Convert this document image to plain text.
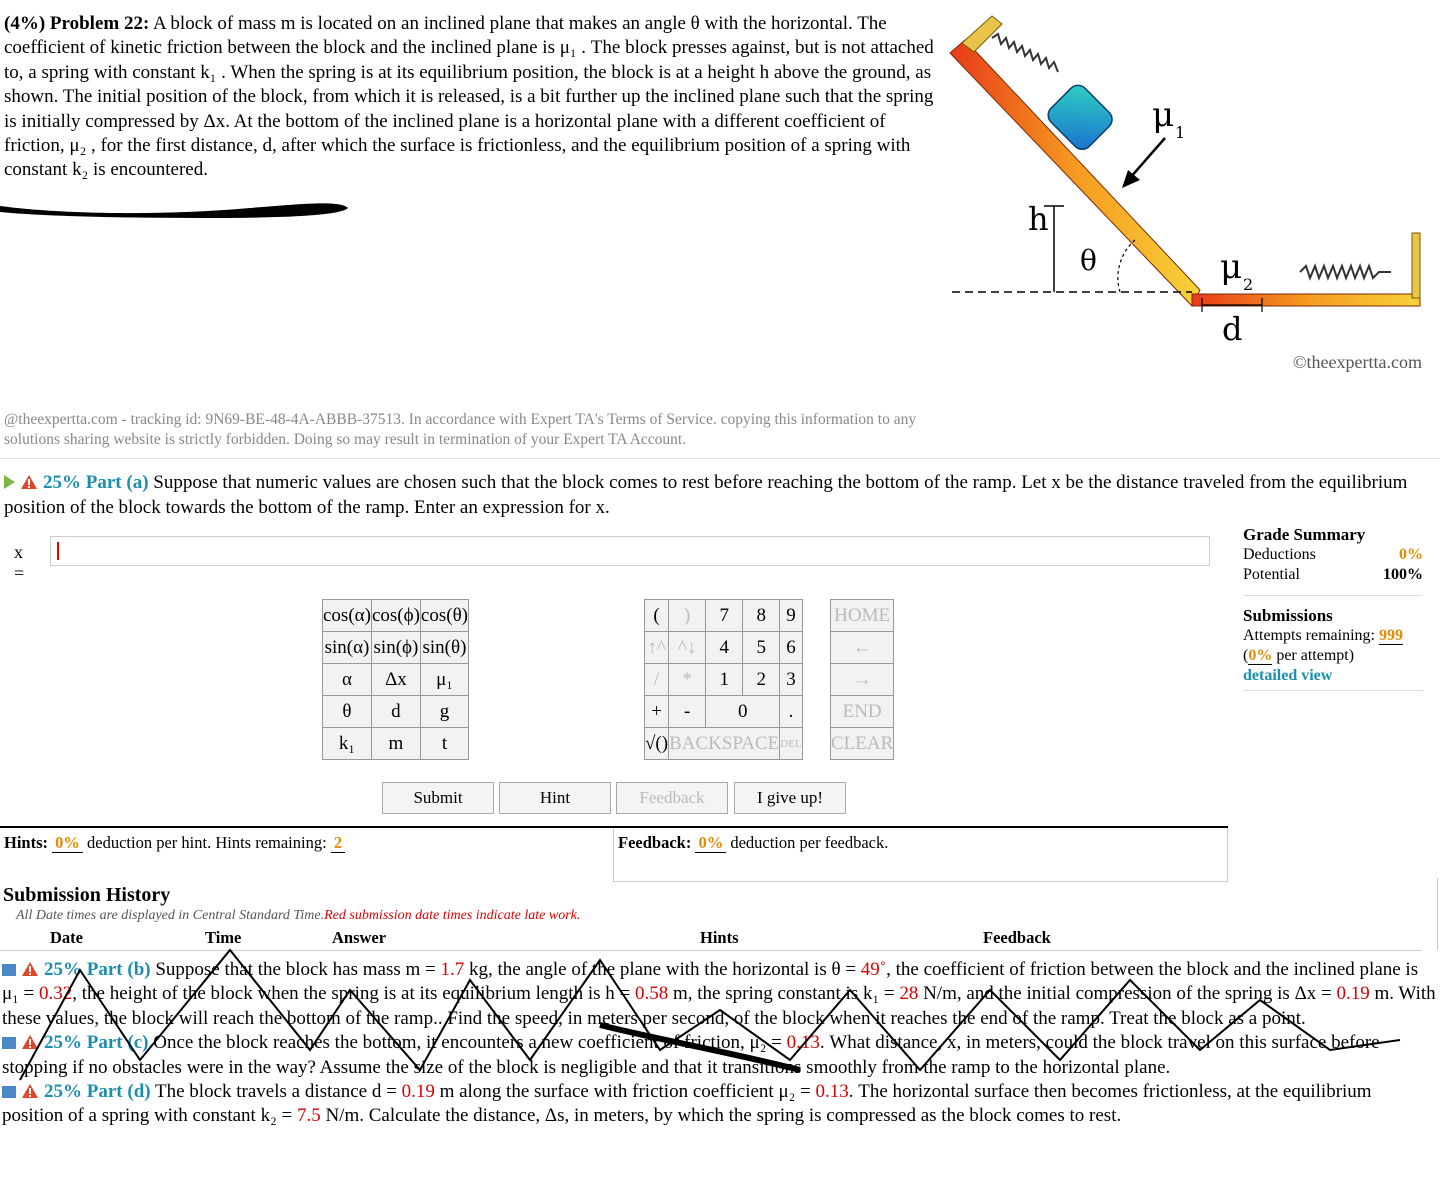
(4%) Problem 22: A block of mass m is located on an inclined plane that makes an angle θ with the horizontal. The coefficient of kinetic friction between the block and the inclined plane is μ₁ . The block presses against, but is not attached to, a spring with constant k₁ . When the spring is at its equilibrium position, the block is at a height h above the ground, as shown. The initial position of the block, from which it is released, is a bit further up the inclined plane such that the spring is initially compressed by Δx. At the bottom of the inclined plane is a horizontal plane with a different coefficient of friction, μ₂ , for the first distance, d, after which the surface is frictionless, and the equilibrium position of a spring with constant k₂ is encountered.
μ 1
h
θ	μ 2
d
©theexpertta.com
@theexpertta.com - tracking id: 9N69-BE-48-4A-ABBB-37513. In accordance with Expert TA's Terms of Service. copying this information to any solutions sharing website is strictly forbidden. Doing so may result in termination of your Expert TA Account.
25% Part (a) Suppose that numeric values are chosen such that the block comes to rest before reaching the bottom of the ramp. Let x be the distance traveled from the equilibrium position of the block towards the bottom of the ramp. Enter an expression for x.
x =
cos(α)	cos(ϕ)	cos(θ)
sin(α)	sin(ϕ)	sin(θ)
α	Δx	μ₁
θ	d	g
k₁	m	t
(	)	7	8	9
↑^	^↓	4	5	6
/	*	1	2	3
+	-	0		.
√()	BACKSPACE			DEL
HOME
←
→
END
CLEAR
Submit	Hint	Feedback	I give up!
Grade Summary
Deductions	0%
Potential	100%
Submissions
Attempts remaining: 999
(0% per attempt)
detailed view
Hints: 0% deduction per hint. Hints remaining: 2	Feedback: 0% deduction per feedback.
Submission History
All Date times are displayed in Central Standard Time.Red submission date times indicate late work.
Date	Time	Answer	Hints	Feedback
25% Part (b) Suppose that the block has mass m = 1.7 kg, the angle of the plane with the horizontal is θ = 49˚, the coefficient of friction between the block and the inclined plane is μ₁ = 0.32, the height of the block when the spring is at its equilibrium length is h = 0.58 m, the spring constant is k₁ = 28 N/m, and the initial compression of the spring is Δx = 0.19 m. With these values, the block will reach the bottom of the ramp.. Find the speed, in meters per second, of the block when it reaches the end of the ramp. Treat the block as a point.
25% Part (c) Once the block reaches the bottom, it encounters a new coefficient of friction, μ₂ = 0.13. What distance, x, in meters, could the block travel on this surface before stopping if no obstacles were in the way? Assume the size of the block is negligible and that it transitions smoothly from the ramp to the horizontal plane.
25% Part (d) The block travels a distance d = 0.19 m along the surface with friction coefficient μ₂ = 0.13. The horizontal surface then becomes frictionless, at the equilibrium position of a spring with constant k₂ = 7.5 N/m. Calculate the distance, Δs, in meters, by which the spring is compressed as the block comes to rest.
